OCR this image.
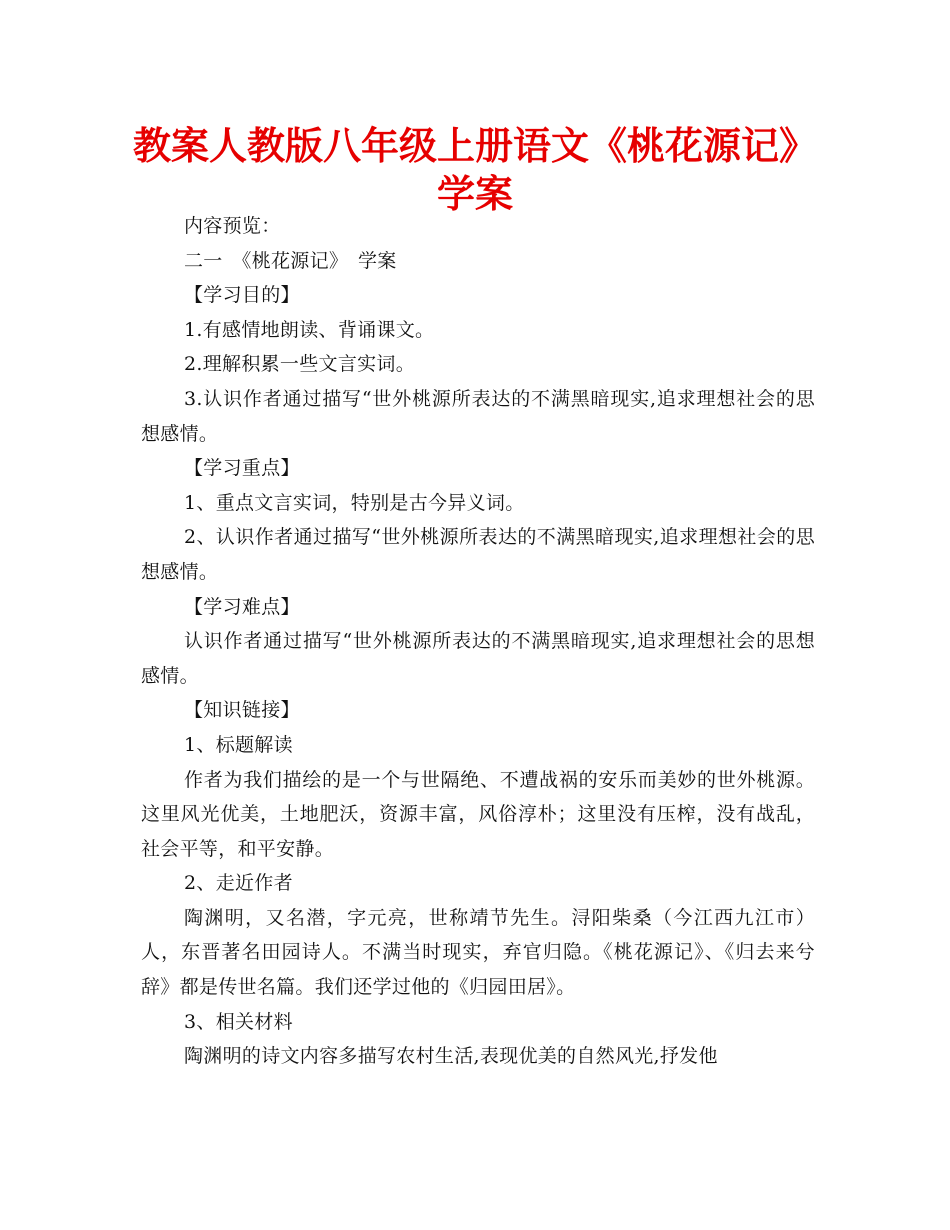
教案人教版八年级上册语文《桃花源记》
学案

内容预览：

二一　《桃花源记》　学案

【学习目的】

1.有感情地朗读、背诵课文。

2.理解积累一些文言实词。

3.认识作者通过描写“世外桃源所表达的不满黑暗现实,追求理想社会的思想感情。

【学习重点】

1、重点文言实词，特别是古今异义词。

2、认识作者通过描写“世外桃源所表达的不满黑暗现实,追求理想社会的思想感情。

【学习难点】

认识作者通过描写“世外桃源所表达的不满黑暗现实,追求理想社会的思想感情。

【知识链接】

1、标题解读

作者为我们描绘的是一个与世隔绝、不遭战祸的安乐而美妙的世外桃源。这里风光优美，土地肥沃，资源丰富，风俗淳朴；这里没有压榨，没有战乱，社会平等，和平安静。

2、走近作者

陶渊明，又名潜，字元亮，世称靖节先生。浔阳柴桑（今江西九江市）人，东晋著名田园诗人。不满当时现实，弃官归隐。《桃花源记》、《归去来兮辞》都是传世名篇。我们还学过他的《归园田居》。

3、相关材料

陶渊明的诗文内容多描写农村生活,表现优美的自然风光,抒发他
